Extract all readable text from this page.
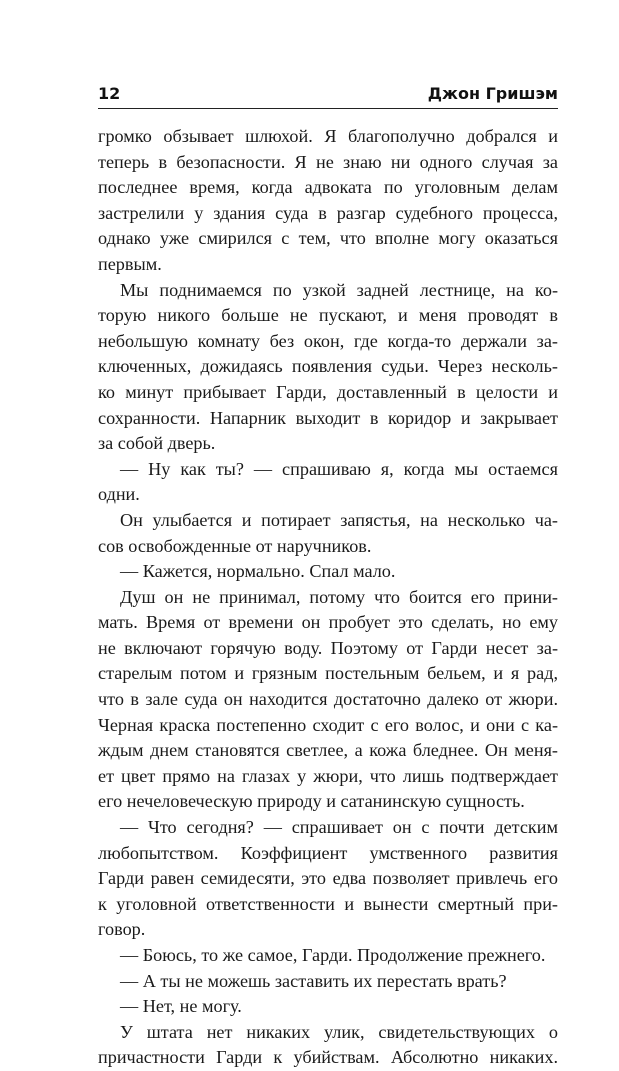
12	Джон Гришэм
громко обзывает шлюхой. Я благополучно добрался и
теперь в безопасности. Я не знаю ни одного случая за
последнее время, когда адвоката по уголовным делам
застрелили у здания суда в разгар судебного процесса,
однако уже смирился с тем, что вполне могу оказаться
первым.
Мы поднимаемся по узкой задней лестнице, на ко-
торую никого больше не пускают, и меня проводят в
небольшую комнату без окон, где когда-то держали за-
ключенных, дожидаясь появления судьи. Через несколь-
ко минут прибывает Гарди, доставленный в целости и
сохранности. Напарник выходит в коридор и закрывает
за собой дверь.
— Ну как ты? — спрашиваю я, когда мы остаемся
одни.
Он улыбается и потирает запястья, на несколько ча-
сов освобожденные от наручников.
— Кажется, нормально. Спал мало.
Душ он не принимал, потому что боится его прини-
мать. Время от времени он пробует это сделать, но ему
не включают горячую воду. Поэтому от Гарди несет за-
старелым потом и грязным постельным бельем, и я рад,
что в зале суда он находится достаточно далеко от жюри.
Черная краска постепенно сходит с его волос, и они с ка-
ждым днем становятся светлее, а кожа бледнее. Он меня-
ет цвет прямо на глазах у жюри, что лишь подтверждает
его нечеловеческую природу и сатанинскую сущность.
— Что сегодня? — спрашивает он с почти детским
любопытством. Коэффициент умственного развития
Гарди равен семидесяти, это едва позволяет привлечь его
к уголовной ответственности и вынести смертный при-
говор.
— Боюсь, то же самое, Гарди. Продолжение прежнего.
— А ты не можешь заставить их перестать врать?
— Нет, не могу.
У штата нет никаких улик, свидетельствующих о
причастности Гарди к убийствам. Абсолютно никаких.
